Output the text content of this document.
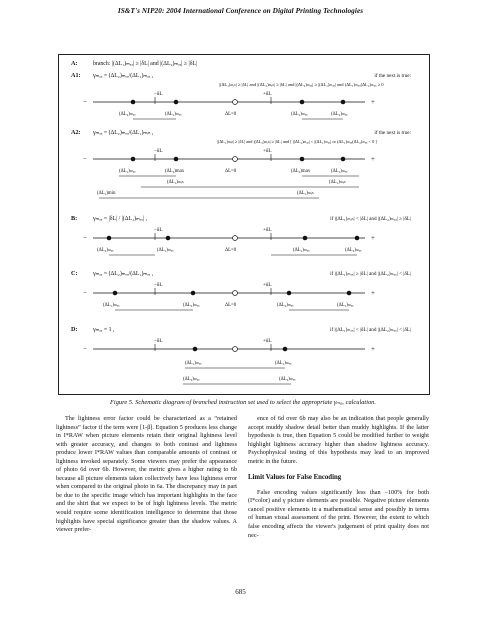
IS&T's NIP20: 2004 International Conference on Digital Printing Technologies
A:	branch: |(ΔL₁)ₘₐₓ| ≥ |δL| and |(ΔL₂)ₘₐₓ| ≥ |δL|
A1: γₘₐₓ = (ΔL₂)ₘₐₓ/(ΔL₁)ₘₐₓ ,	if the next is true:
|(ΔL₁)ₘᵢₙ| ≥ |δL| and |(ΔL₂)ₘᵢₙ| ≥ |δL| and |(ΔL₂)ₘₐₓ| ≥ |(ΔL₁)ₘₐₓ| and (ΔL₁)ₘₐₓ(ΔL₂)ₘₐₓ ≥ 0
−δL	+δL
−	+
(ΔL₂)ₘₐₓ	(ΔL₁)ₘₐₓ	ΔL=0	(ΔL₁)ₘₐₓ	(ΔL₂)ₘₐₓ
A2: γₘₐₓ = (ΔL₂)ₘₐₓ/(ΔL₁)ₘᵢₙ ,	if the next is true:
|(ΔL₁)ₘᵢₙ| ≥ |δL| and |(ΔL₂)ₘᵢₙ| ≥ |δL| and [ |(ΔL₂)ₘₐₓ| < |(ΔL₁)ₘₐₓ| or (ΔL₁)ₘₐₓ(ΔL₂)ₘₐₓ < 0 ]
−δL	+δL
−	+
(ΔL₁)ₘₐₓ	(ΔL₂)max	ΔL=0	(ΔL₂)max	(ΔL₁)ₘₐₓ
(ΔL₁)ₘᵢₙ	(ΔL₁)ₘᵢₙ
(ΔL₁)min	(ΔL₁)ₘᵢₙ
B:	γₘₐₓ = |δL| / |(ΔL₁)ₘₐₓ| ,	if |(ΔL₁)ₘᵢₙ| < |δL| and |(ΔL₂)ₘₐₓ| ≥ |δL|
−δL	+δL
−	+
(ΔL₂)ₘₐₓ	(ΔL₁)ₘₐₓ	ΔL=0	(ΔL₁)ₘₐₓ	(ΔL₂)ₘₐₓ
C:	γₘₐₓ = (ΔL₂)ₘₐₓ/(ΔL₁)ₘₐₓ ,	if |(ΔL₁)ₘₐₓ| ≥ |δL| and |(ΔL₂)ₘₐₓ| < |δL|
−δL	+δL
−	+
(ΔL₁)ₘₐₓ	(ΔL₂)ₘₐₓ	ΔL=0	(ΔL₂)ₘₐₓ	(ΔL₁)ₘₐₓ
D:	γₘₐₓ = 1 ,	if |(ΔL₁)ₘₐₓ| < |δL| and |(ΔL₂)ₘₐₓ| < |δL|
−δL	+δL
−	+
(ΔL₁)ₘₐₓ	(ΔL₁)ₘₐₓ
(ΔL₂)ₘₐₓ	(ΔL₂)ₘₐₓ
Figure 5. Schematic diagram of branched instruction set used to select the appropriate γₘₐₓ calculation.

The lightness error factor could be characterized as a “retained lightness” factor if the term were [1-β]. Equation 5 produces less change in I*RAW when picture elements retain their original lightness level with greater accuracy, and changes to both contrast and lightness produce lower I*RAW values than comparable amounts of contrast or lightness invoked separately. Some viewers may prefer the appearance of photo 6d over 6b. However, the metric gives a higher rating to 6b because all picture elements taken collectively have less lightness error when compared to the original photo in 6a. The discrepancy may in part be due to the specific image which has important highlights in the face and the shirt that we expect to be of high lightness levels. The metric would require scene identification intelligence to determine that those highlights have special significance greater than the shadow values. A viewer prefer-

ence of 6d over 6b may also be an indication that people generally accept muddy shadow detail better than muddy highlights. If the latter hypothesis is true, then Equation 5 could be modified further to weight highlight lightness accuracy higher than shadow lightness accuracy. Psychophysical testing of this hypothesis may lead to an improved metric in the future.

Limit Values for False Encoding

False encoding values significantly less than –100% for both (I*color) and γ picture elements are possible. Negative picture elements cancel positive elements in a mathematical sense and possibly in terms of human visual assessment of the print. However, the extent to which false encoding affects the viewer's judgement of print quality does not nec-

685
